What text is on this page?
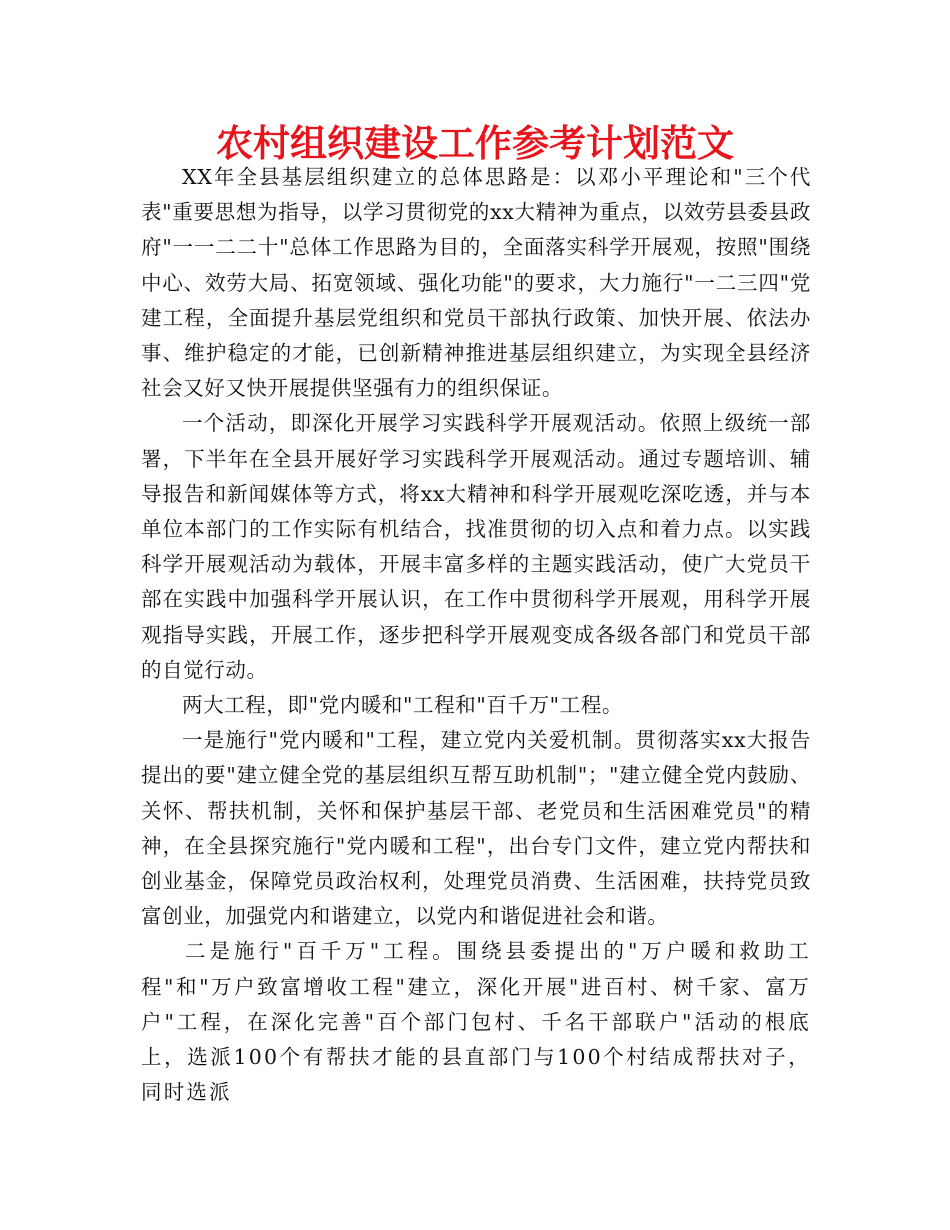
农村组织建设工作参考计划范文

XX年全县基层组织建立的总体思路是：以邓小平理论和"三个代表"重要思想为指导，以学习贯彻党的xx大精神为重点，以效劳县委县政府"一一二二十"总体工作思路为目的，全面落实科学开展观，按照"围绕中心、效劳大局、拓宽领域、强化功能"的要求，大力施行"一二三四"党建工程，全面提升基层党组织和党员干部执行政策、加快开展、依法办事、维护稳定的才能，已创新精神推进基层组织建立，为实现全县经济社会又好又快开展提供坚强有力的组织保证。

一个活动，即深化开展学习实践科学开展观活动。依照上级统一部署，下半年在全县开展好学习实践科学开展观活动。通过专题培训、辅导报告和新闻媒体等方式，将xx大精神和科学开展观吃深吃透，并与本单位本部门的工作实际有机结合，找准贯彻的切入点和着力点。以实践科学开展观活动为载体，开展丰富多样的主题实践活动，使广大党员干部在实践中加强科学开展认识，在工作中贯彻科学开展观，用科学开展观指导实践，开展工作，逐步把科学开展观变成各级各部门和党员干部的自觉行动。

两大工程，即"党内暖和"工程和"百千万"工程。

一是施行"党内暖和"工程，建立党内关爱机制。贯彻落实xx大报告提出的要"建立健全党的基层组织互帮互助机制"；"建立健全党内鼓励、关怀、帮扶机制，关怀和保护基层干部、老党员和生活困难党员"的精神，在全县探究施行"党内暖和工程"，出台专门文件，建立党内帮扶和创业基金，保障党员政治权利，处理党员消费、生活困难，扶持党员致富创业，加强党内和谐建立，以党内和谐促进社会和谐。

二是施行"百千万"工程。围绕县委提出的"万户暖和救助工程"和"万户致富增收工程"建立，深化开展"进百村、树千家、富万户"工程，在深化完善"百个部门包村、千名干部联户"活动的根底上，选派100个有帮扶才能的县直部门与100个村结成帮扶对子，同时选派
